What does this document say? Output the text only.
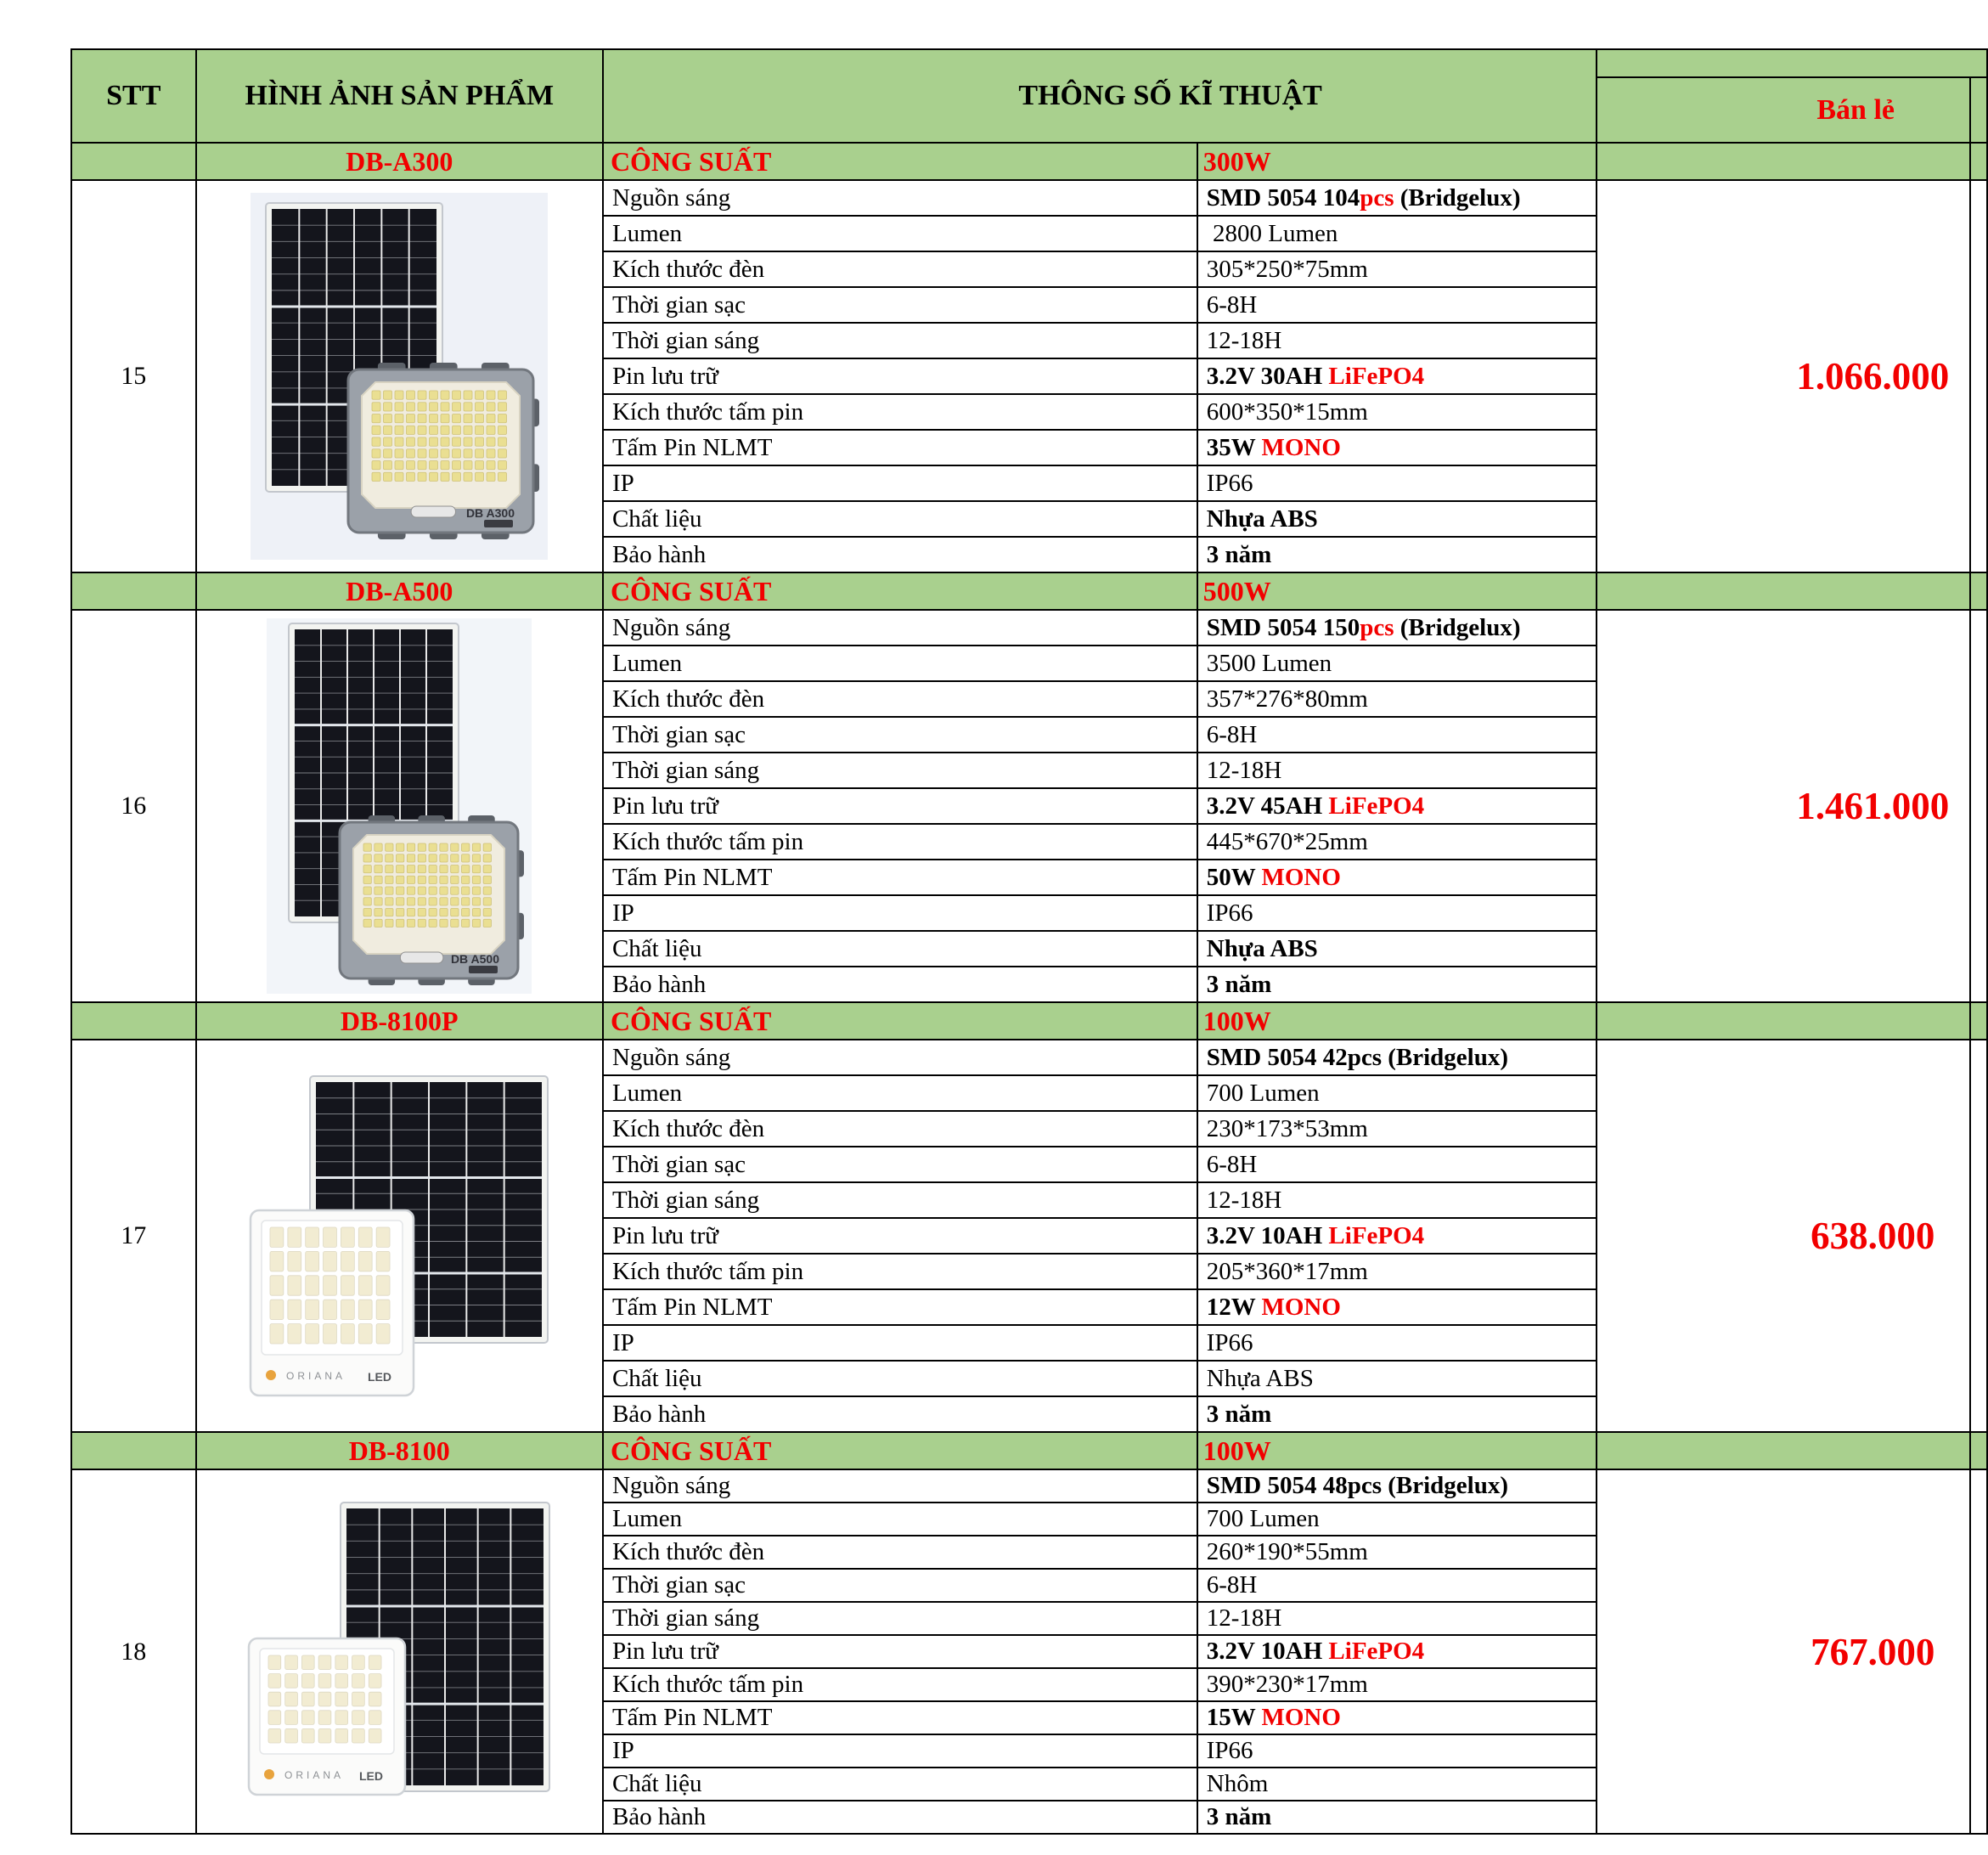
STT	HÌNH ẢNH SẢN PHẨM	THÔNG SỐ KĨ THUẬT			
				Bán lẻ	
	DB-A300	CÔNG SUẤT	300W		
15	DB A300	Nguồn sáng	SMD 5054 104pcs (Bridgelux)	1.066.000	
		Lumen	2800 Lumen		
		Kích thước đèn	305*250*75mm		
		Thời gian sạc	6-8H		
		Thời gian sáng	12-18H		
		Pin lưu trữ	3.2V 30AH LiFePO4		
		Kích thước tấm pin	600*350*15mm		
		Tấm Pin NLMT	35W MONO		
		IP	IP66		
		Chất liệu	Nhựa ABS		
		Bảo hành	3 năm		
	DB-A500	CÔNG SUẤT	500W		
16	DB A500	Nguồn sáng	SMD 5054 150pcs (Bridgelux)	1.461.000	
		Lumen	3500 Lumen		
		Kích thước đèn	357*276*80mm		
		Thời gian sạc	6-8H		
		Thời gian sáng	12-18H		
		Pin lưu trữ	3.2V 45AH LiFePO4		
		Kích thước tấm pin	445*670*25mm		
		Tấm Pin NLMT	50W MONO		
		IP	IP66		
		Chất liệu	Nhựa ABS		
		Bảo hành	3 năm		
	DB-8100P	CÔNG SUẤT	100W		
17	ORIANA LED	Nguồn sáng	SMD 5054 42pcs (Bridgelux)	638.000	
		Lumen	700 Lumen		
		Kích thước đèn	230*173*53mm		
		Thời gian sạc	6-8H		
		Thời gian sáng	12-18H		
		Pin lưu trữ	3.2V 10AH LiFePO4		
		Kích thước tấm pin	205*360*17mm		
		Tấm Pin NLMT	12W MONO		
		IP	IP66		
		Chất liệu	Nhựa ABS		
		Bảo hành	3 năm		
	DB-8100	CÔNG SUẤT	100W		
18	ORIANA LED	Nguồn sáng	SMD 5054 48pcs (Bridgelux)	767.000	
		Lumen	700 Lumen		
		Kích thước đèn	260*190*55mm		
		Thời gian sạc	6-8H		
		Thời gian sáng	12-18H		
		Pin lưu trữ	3.2V 10AH LiFePO4		
		Kích thước tấm pin	390*230*17mm		
		Tấm Pin NLMT	15W MONO		
		IP	IP66		
		Chất liệu	Nhôm		
		Bảo hành	3 năm		
